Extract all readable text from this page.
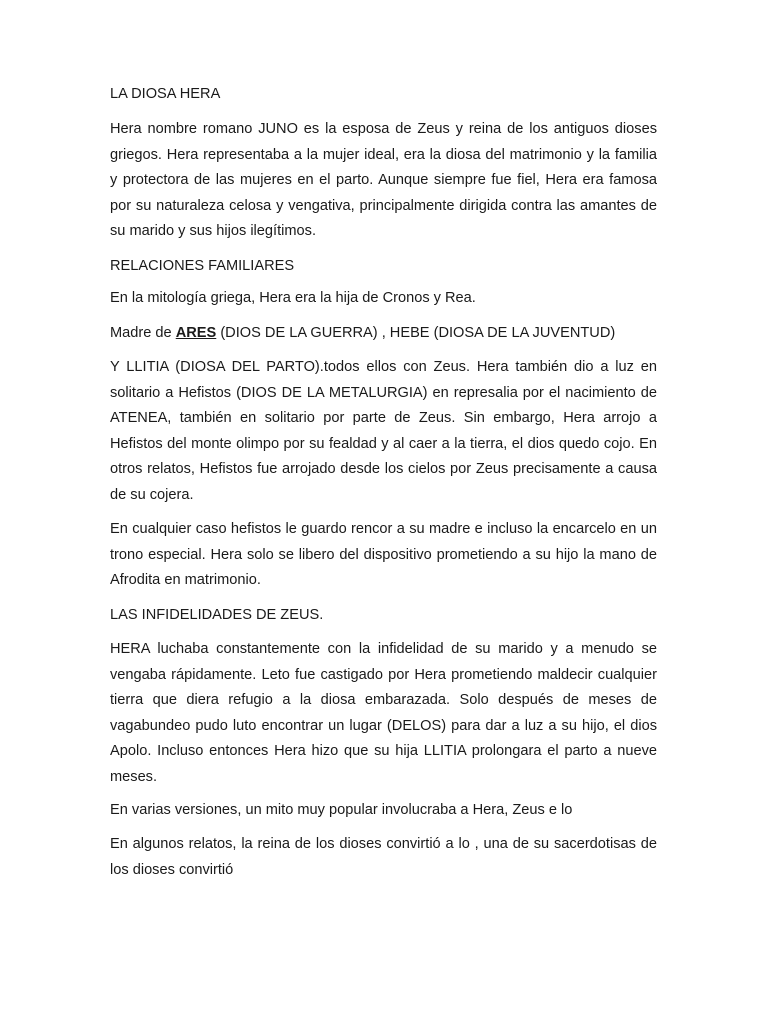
LA DIOSA HERA

Hera nombre romano JUNO es la esposa de Zeus y reina de los antiguos dioses griegos. Hera representaba a la mujer ideal, era la diosa del matrimonio y la familia y protectora de las mujeres en el parto. Aunque siempre fue fiel, Hera era famosa por su naturaleza celosa y vengativa, principalmente dirigida contra las amantes de su marido y sus hijos ilegítimos.

RELACIONES FAMILIARES

En la mitología griega, Hera era la hija de Cronos y Rea.

Madre de ARES (DIOS DE LA GUERRA) , HEBE (DIOSA DE LA JUVENTUD)

Y LLITIA (DIOSA DEL PARTO).todos ellos con Zeus. Hera también dio a luz en solitario a Hefistos (DIOS DE LA METALURGIA) en represalia por el nacimiento de ATENEA, también en solitario por parte de Zeus. Sin embargo, Hera arrojo a Hefistos del monte olimpo por su fealdad y al caer a la tierra, el dios quedo cojo. En otros relatos, Hefistos fue arrojado desde los cielos por Zeus precisamente a causa de su cojera.

En cualquier caso hefistos le guardo rencor a su madre e incluso la encarcelo en un trono especial. Hera solo se libero del dispositivo prometiendo a su hijo la mano de Afrodita en matrimonio.

LAS INFIDELIDADES DE ZEUS.

HERA luchaba constantemente con la infidelidad de su marido y a menudo se vengaba rápidamente. Leto fue castigado por Hera prometiendo maldecir cualquier tierra que diera refugio a la diosa embarazada. Solo después de meses de vagabundeo pudo luto encontrar un lugar (DELOS) para dar a luz a su hijo, el dios Apolo. Incluso entonces Hera hizo que su hija LLITIA prolongara el parto a nueve meses.

En varias versiones, un mito muy popular involucraba a Hera, Zeus e lo

En algunos relatos, la reina de los dioses convirtió a lo , una de su sacerdotisas de los dioses convirtió
